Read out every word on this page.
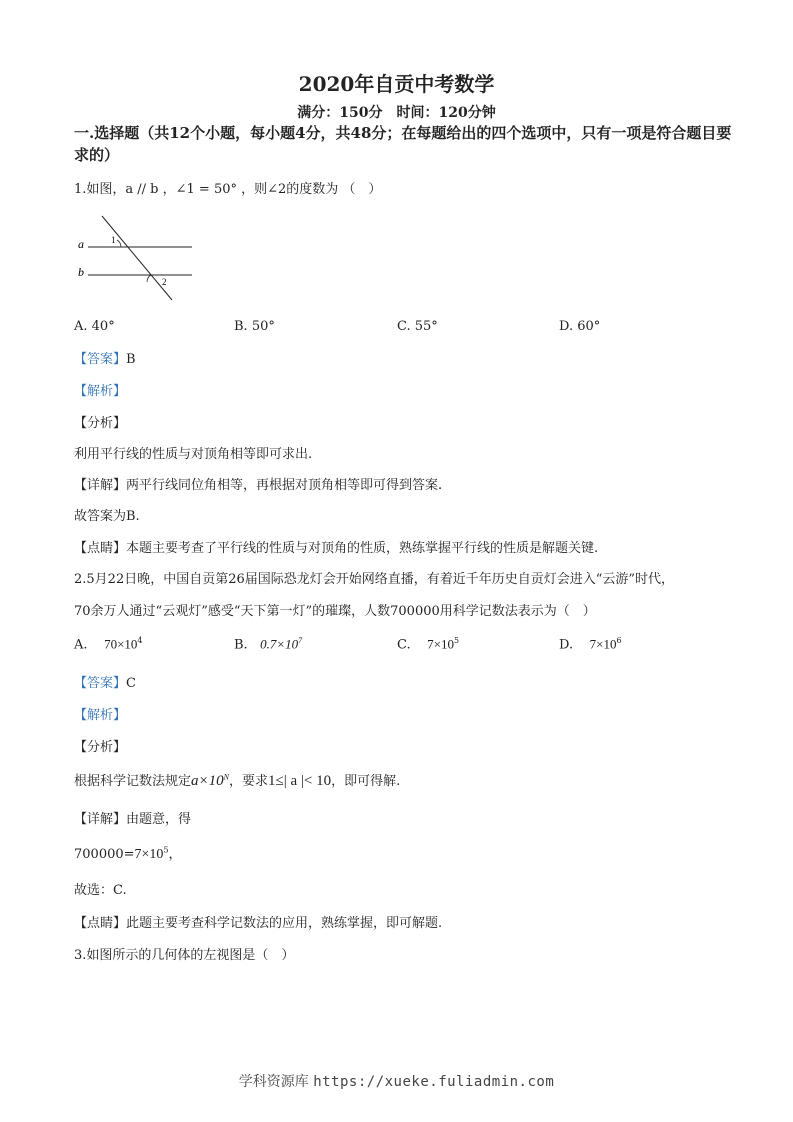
2020年自贡中考数学
满分：150分　时间：120分钟
一.选择题（共12个小题，每小题4分，共48分；在每题给出的四个选项中，只有一项是符合题目要求的）
1.如图，a // b ，∠1 = 50° ，则∠2的度数为 （　）
a
b
1
2
A. 40°	B. 50°	C. 55°	D. 60°
【答案】B
【解析】
【分析】
利用平行线的性质与对顶角相等即可求出.
【详解】两平行线同位角相等，再根据对顶角相等即可得到答案.
故答案为B.
【点睛】本题主要考查了平行线的性质与对顶角的性质，熟练掌握平行线的性质是解题关键.
2.5月22日晚，中国自贡第26届国际恐龙灯会开始网络直播，有着近千年历史自贡灯会进入“云游”时代，
70余万人通过“云观灯”感受“天下第一灯”的璀璨，人数700000用科学记数法表示为（　）
A. $70\times 10^4$	B. $0.7\times 10^7$	C. $7\times 10^5$	D. $7\times 10^6$
【答案】C
【解析】
【分析】
根据科学记数法规定$a\times 10^N$，要求1≤| a |< 10，即可得解.
【详解】由题意，得
$700000=7\times 10^5$，
故选：C.
【点睛】此题主要考查科学记数法的应用，熟练掌握，即可解题.
3.如图所示的几何体的左视图是（　）
学科资源库 https://xueke.fuliadmin.com
